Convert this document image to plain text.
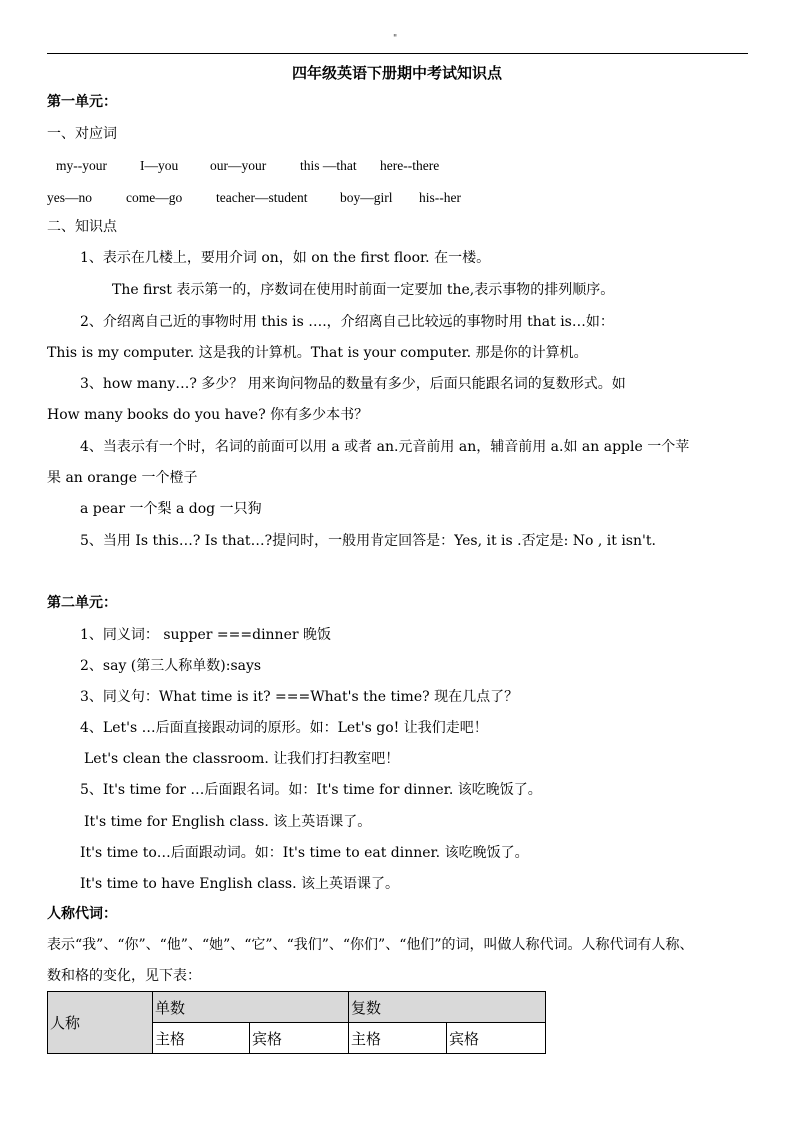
"
四年级英语下册期中考试知识点
第一单元：
一、对应词
my--your I—you our—your	this —that here--there
yes—no	come—go	teacher—student boy—girl his--her
二、知识点
1、表示在几楼上，要用介词 on，如 on the first floor. 在一楼。
The first 表示第一的，序数词在使用时前面一定要加 the,表示事物的排列顺序。
2、介绍离自己近的事物时用 this is ….，介绍离自己比较远的事物时用 that is…如：
This is my computer. 这是我的计算机。That is your computer. 那是你的计算机。
3、how many…? 多少？ 用来询问物品的数量有多少，后面只能跟名词的复数形式。如
How many books do you have? 你有多少本书？
4、当表示有一个时，名词的前面可以用 a 或者 an.元音前用 an，辅音前用 a.如 an apple 一个苹
果 an orange 一个橙子
a pear 一个梨 a dog 一只狗
5、当用 Is this…? Is that…?提问时，一般用肯定回答是：Yes, it is .否定是: No , it isn't.
第二单元：
1、同义词： supper ===dinner 晚饭
2、say (第三人称单数):says
3、同义句：What time is it? ===What's the time? 现在几点了？
4、Let's …后面直接跟动词的原形。如：Let's go! 让我们走吧！
Let's clean the classroom. 让我们打扫教室吧！
5、It's time for …后面跟名词。如：It's time for dinner. 该吃晚饭了。
It's time for English class. 该上英语课了。
It's time to…后面跟动词。如：It's time to eat dinner. 该吃晚饭了。
It's time to have English class. 该上英语课了。
人称代词：
表示“我”、“你”、“他”、“她”、“它”、“我们”、“你们”、“他们”的词，叫做人称代词。人称代词有人称、
数和格的变化，见下表：
人称	单数		复数	
	主格	宾格	主格	宾格
